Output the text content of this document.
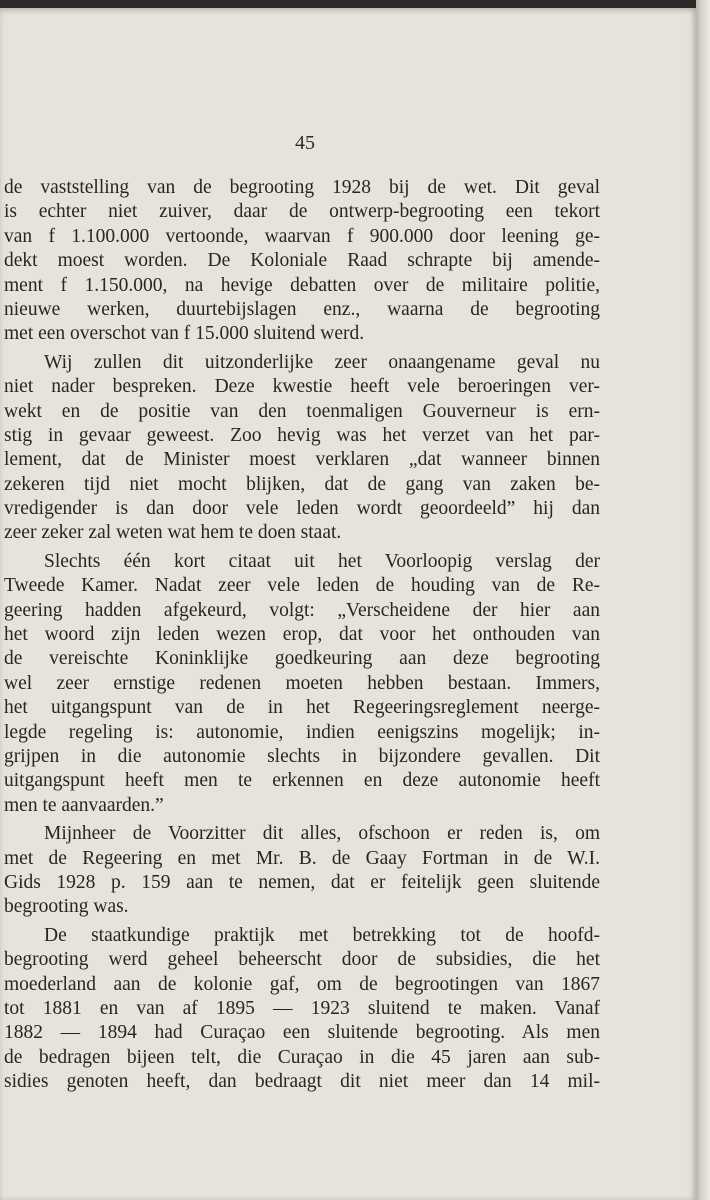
45
de vaststelling van de begrooting 1928 bij de wet. Dit geval
is echter niet zuiver, daar de ontwerp-begrooting een tekort
van f 1.100.000 vertoonde, waarvan f 900.000 door leening ge-
dekt moest worden. De Koloniale Raad schrapte bij amende-
ment f 1.150.000, na hevige debatten over de militaire politie,
nieuwe werken, duurtebijslagen enz., waarna de begrooting
met een overschot van f 15.000 sluitend werd.
Wij zullen dit uitzonderlijke zeer onaangename geval nu
niet nader bespreken. Deze kwestie heeft vele beroeringen ver-
wekt en de positie van den toenmaligen Gouverneur is ern-
stig in gevaar geweest. Zoo hevig was het verzet van het par-
lement, dat de Minister moest verklaren „dat wanneer binnen
zekeren tijd niet mocht blijken, dat de gang van zaken be-
vredigender is dan door vele leden wordt geoordeeld” hij dan
zeer zeker zal weten wat hem te doen staat.
Slechts één kort citaat uit het Voorloopig verslag der
Tweede Kamer. Nadat zeer vele leden de houding van de Re-
geering hadden afgekeurd, volgt: „Verscheidene der hier aan
het woord zijn leden wezen erop, dat voor het onthouden van
de vereischte Koninklijke goedkeuring aan deze begrooting
wel zeer ernstige redenen moeten hebben bestaan. Immers,
het uitgangspunt van de in het Regeeringsreglement neerge-
legde regeling is: autonomie, indien eenigszins mogelijk; in-
grijpen in die autonomie slechts in bijzondere gevallen. Dit
uitgangspunt heeft men te erkennen en deze autonomie heeft
men te aanvaarden.”
Mijnheer de Voorzitter dit alles, ofschoon er reden is, om
met de Regeering en met Mr. B. de Gaay Fortman in de W.I.
Gids 1928 p. 159 aan te nemen, dat er feitelijk geen sluitende
begrooting was.
De staatkundige praktijk met betrekking tot de hoofd-
begrooting werd geheel beheerscht door de subsidies, die het
moederland aan de kolonie gaf, om de begrootingen van 1867
tot 1881 en van af 1895 — 1923 sluitend te maken. Vanaf
1882 — 1894 had Curaçao een sluitende begrooting. Als men
de bedragen bijeen telt, die Curaçao in die 45 jaren aan sub-
sidies genoten heeft, dan bedraagt dit niet meer dan 14 mil-
